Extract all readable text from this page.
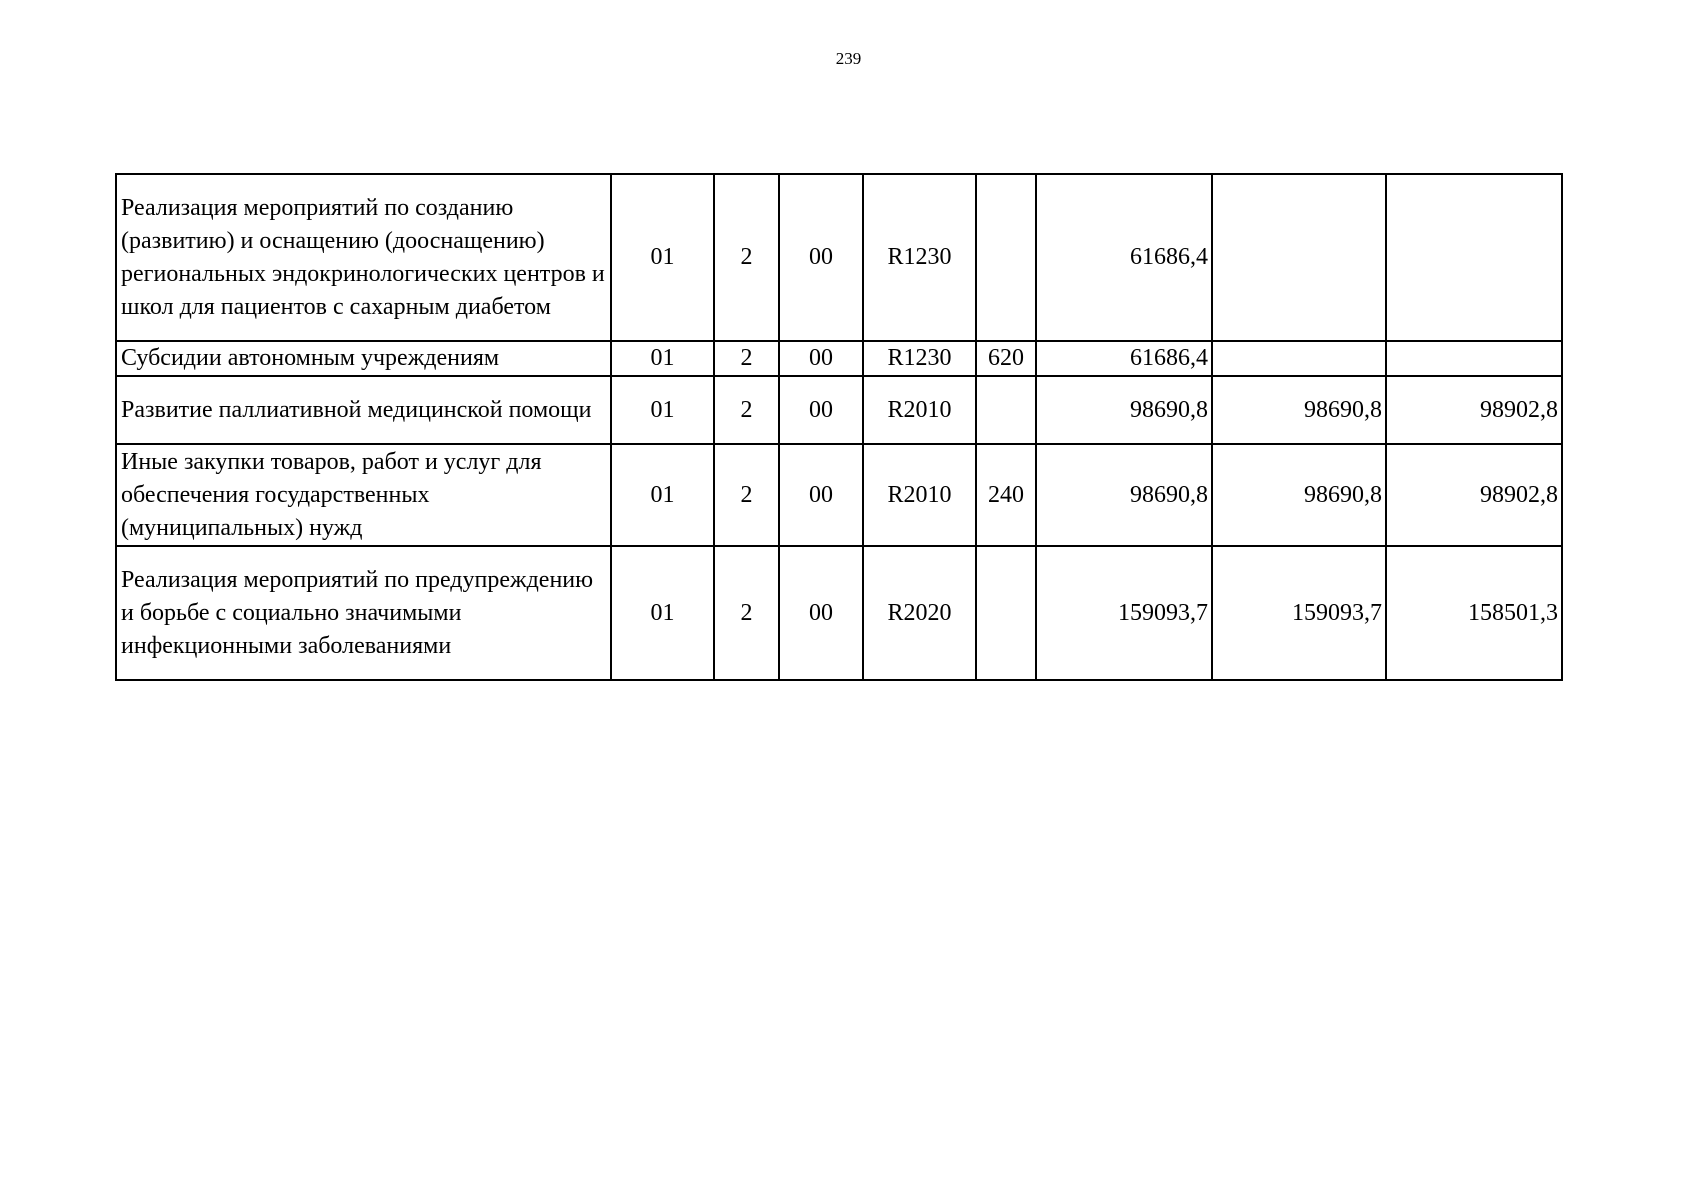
239
Реализация мероприятий по созданию (развитию) и оснащению (дооснащению) региональных эндокринологических центров и школ для пациентов с сахарным диабетом	01	2	00	R1230		61686,4		
Субсидии автономным учреждениям	01	2	00	R1230	620	61686,4		
Развитие паллиативной медицинской помощи	01	2	00	R2010		98690,8	98690,8	98902,8
Иные закупки товаров, работ и услуг для обеспечения государственных (муниципальных) нужд	01	2	00	R2010	240	98690,8	98690,8	98902,8
Реализация мероприятий по предупреждению и борьбе с социально значимыми инфекционными заболеваниями	01	2	00	R2020		159093,7	159093,7	158501,3
